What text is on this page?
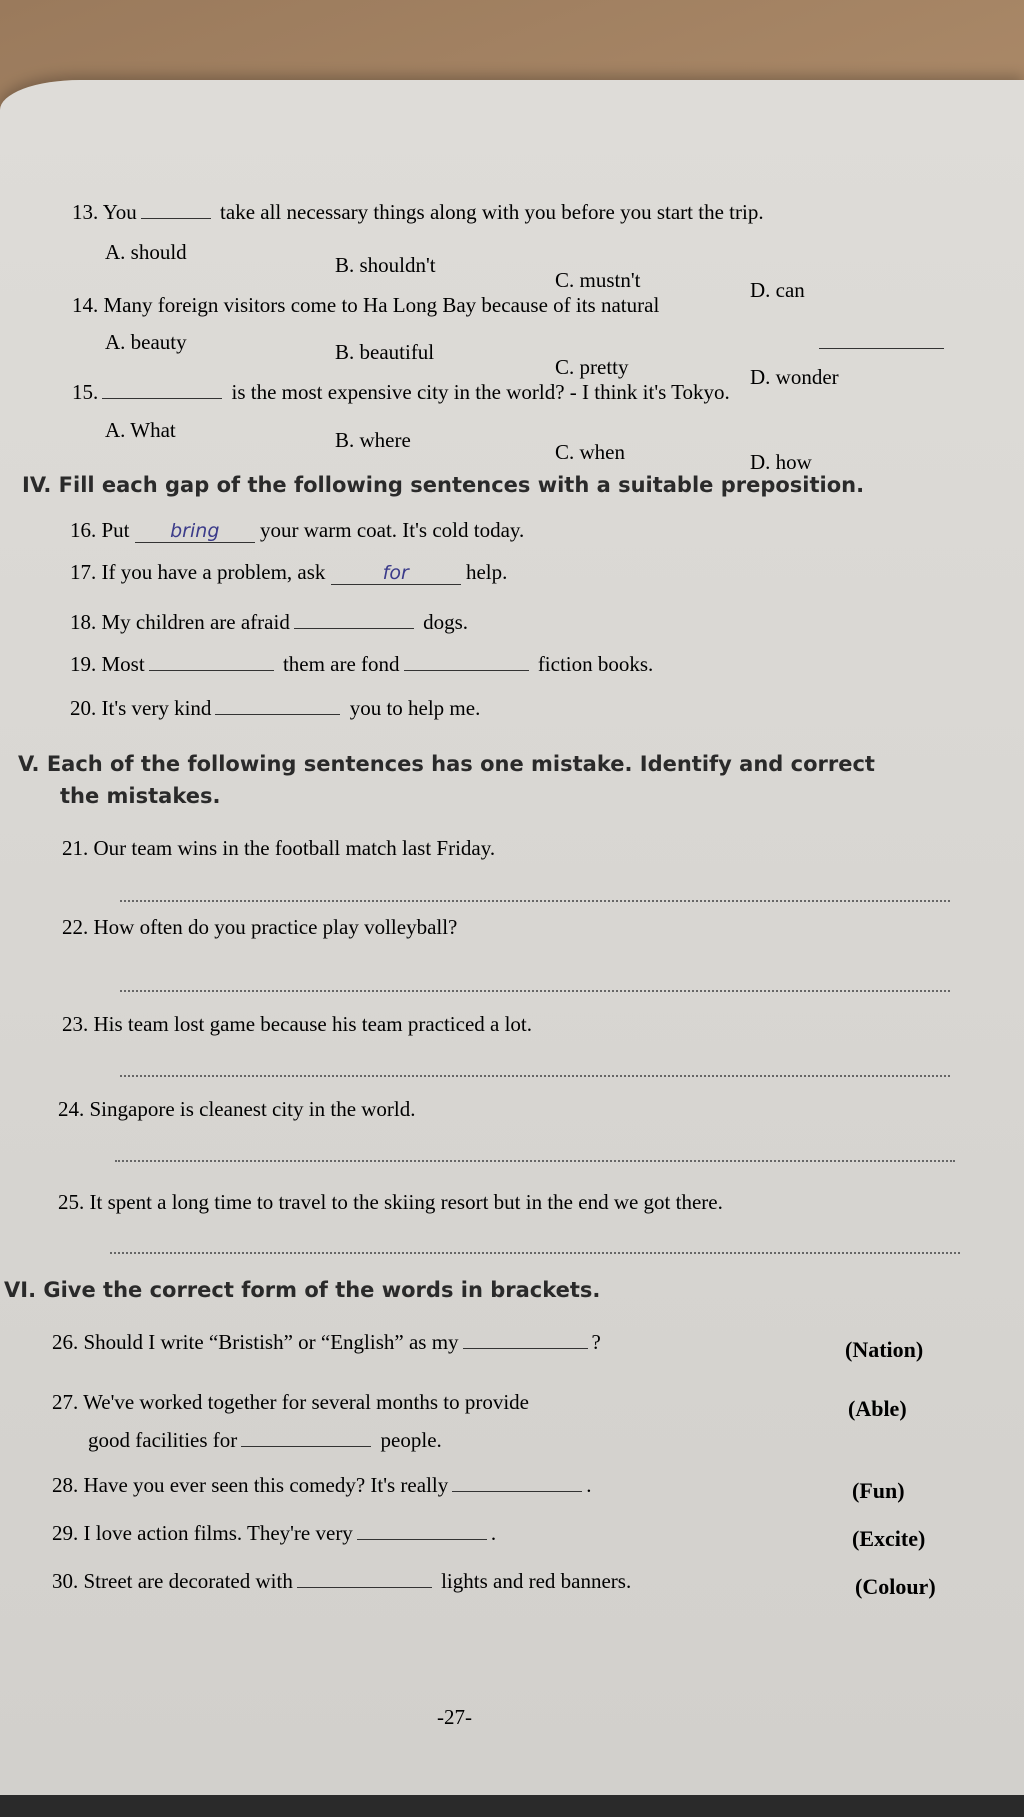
13. You	take all necessary things along with you before you start the trip.
A. should
B. shouldn't
C. mustn't	D. can
14. Many foreign visitors come to Ha Long Bay because of its natural
A. beauty	B. beautiful
C. pretty	D. wonder
15.	is the most expensive city in the world? - I think it's Tokyo.
A. What	B. where	C. when	D. how
IV. Fill each gap of the following sentences with a suitable preposition.
16. Put bring your warm coat. It's cold today.
17. If you have a problem, ask	for	help.
18. My children are afraid	dogs.
19. Most	them are fond	fiction books.
20. It's very kind	you to help me.
V. Each of the following sentences has one mistake. Identify and correct
the mistakes.
21. Our team wins in the football match last Friday.
22. How often do you practice play volleyball?
23. His team lost game because his team practiced a lot.
24. Singapore is cleanest city in the world.
25. It spent a long time to travel to the skiing resort but in the end we got there.
VI. Give the correct form of the words in brackets.
26. Should I write “Bristish” or “English” as my	?	(Nation)
27. We've worked together for several months to provide
good facilities for	people.
(Able)
28. Have you ever seen this comedy? It's really	.	(Fun)
29. I love action films. They're very	.	(Excite)
30. Street are decorated with	lights and red banners.	(Colour)
-27-
